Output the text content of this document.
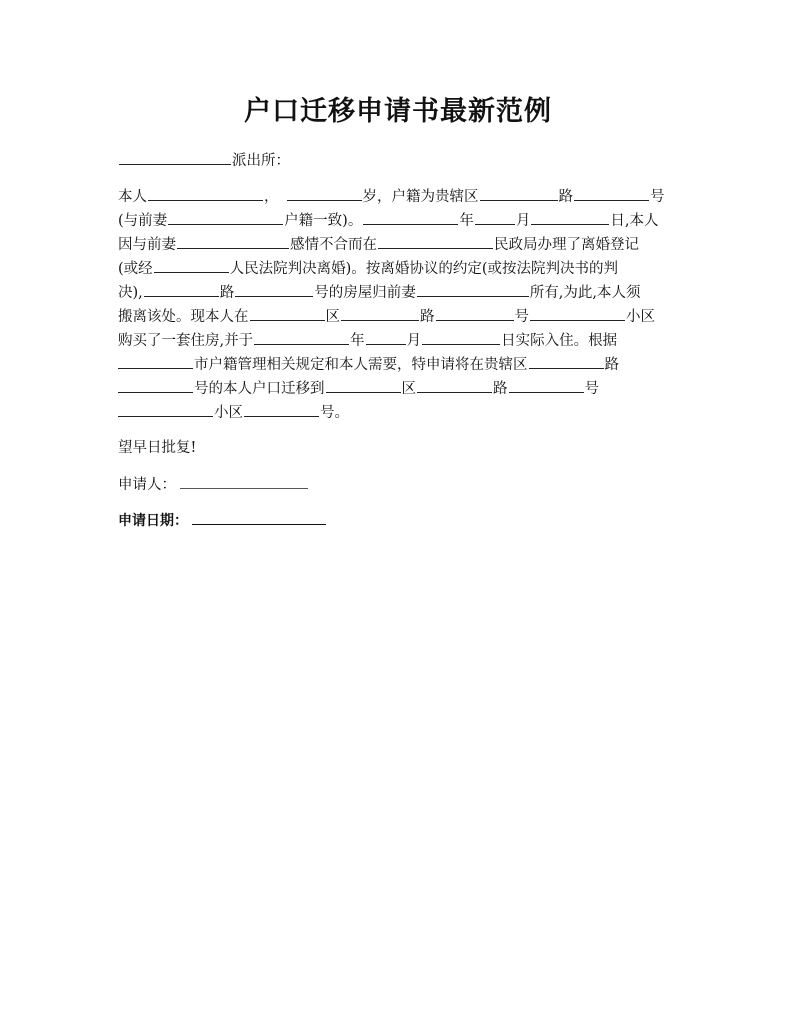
户口迁移申请书最新范例
派出所：
本人	，	岁，户籍为贵辖区	路	号
(与前妻	户籍一致)。	年	月	日,本人
因与前妻	感情不合而在	民政局办理了离婚登记
(或经	人民法院判决离婚)。按离婚协议的约定(或按法院判决书的判
决),	路	号的房屋归前妻	所有,为此,本人须
搬离该处。现本人在	区	路	号	小区
购买了一套住房,并于	年	月	日实际入住。根据
市户籍管理相关规定和本人需要，特申请将在贵辖区	路
号的本人户口迁移到	区	路	号
小区	号。
望早日批复!
申请人：
申请日期：
